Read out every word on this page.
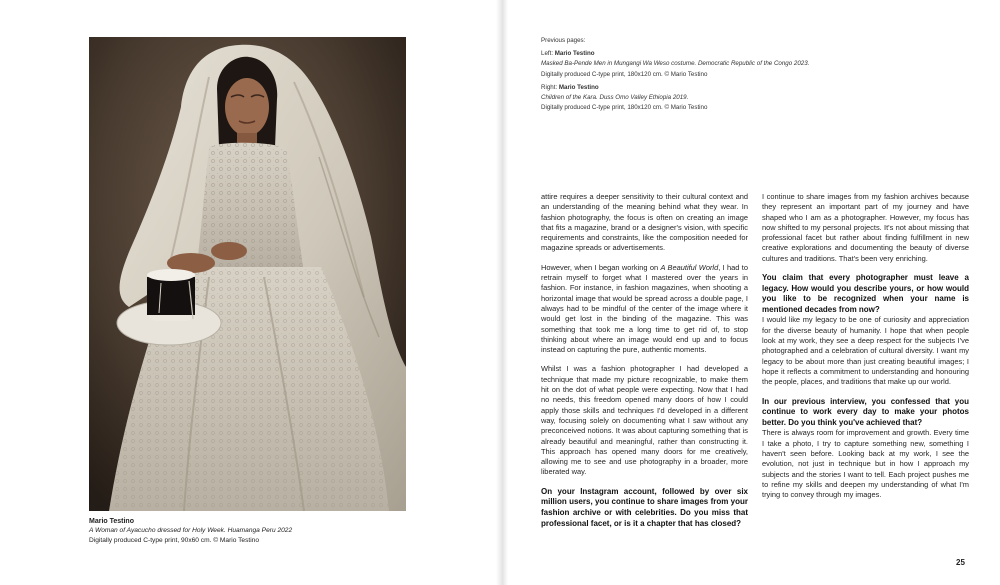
Mario Testino
A Woman of Ayacucho dressed for Holy Week. Huamanga Peru 2022
Digitally produced C-type print, 90x60 cm. © Mario Testino
Previous pages:
Left: Mario Testino
Masked Ba-Pende Men in Mungangi Wa Weso costume. Democratic Republic of the Congo 2023.
Digitally produced C-type print, 180x120 cm. © Mario Testino
Right: Mario Testino
Children of the Kara. Duss Omo Valley Ethiopia 2019.
Digitally produced C-type print, 180x120 cm. © Mario Testino

attire requires a deeper sensitivity to their cultural context and an understanding of the meaning behind what they wear. In fashion photography, the focus is often on creating an image that fits a magazine, brand or a designer's vision, with specific requirements and constraints, like the composition needed for magazine spreads or advertisements.

However, when I began working on A Beautiful World, I had to retrain myself to forget what I mastered over the years in fashion. For instance, in fashion magazines, when shooting a horizontal image that would be spread across a double page, I always had to be mindful of the center of the image where it would get lost in the binding of the magazine. This was something that took me a long time to get rid of, to stop thinking about where an image would end up and to focus instead on capturing the pure, authentic moments.

Whilst I was a fashion photographer I had developed a technique that made my picture recognizable, to make them hit on the dot of what people were expecting. Now that I had no needs, this freedom opened many doors of how I could apply those skills and techniques I'd developed in a different way, focusing solely on documenting what I saw without any preconceived notions. It was about capturing something that is already beautiful and meaningful, rather than constructing it. This approach has opened many doors for me creatively, allowing me to see and use photography in a broader, more liberated way.

On your Instagram account, followed by over six million users, you continue to share images from your fashion archive or with celebrities. Do you miss that professional facet, or is it a chapter that has closed?

I continue to share images from my fashion archives because they represent an important part of my journey and have shaped who I am as a photographer. However, my focus has now shifted to my personal projects. It's not about missing that professional facet but rather about finding fulfillment in new creative explorations and documenting the beauty of diverse cultures and traditions. That's been very enriching.

You claim that every photographer must leave a legacy. How would you describe yours, or how would you like to be recognized when your name is mentioned decades from now?

I would like my legacy to be one of curiosity and appreciation for the diverse beauty of humanity. I hope that when people look at my work, they see a deep respect for the subjects I've photographed and a celebration of cultural diversity. I want my legacy to be about more than just creating beautiful images; I hope it reflects a commitment to understanding and honouring the people, places, and traditions that make up our world.

In our previous interview, you confessed that you continue to work every day to make your photos better. Do you think you've achieved that?

There is always room for improvement and growth. Every time I take a photo, I try to capture something new, something I haven't seen before. Looking back at my work, I see the evolution, not just in technique but in how I approach my subjects and the stories I want to tell. Each project pushes me to refine my skills and deepen my understanding of what I'm trying to convey through my images.

25
